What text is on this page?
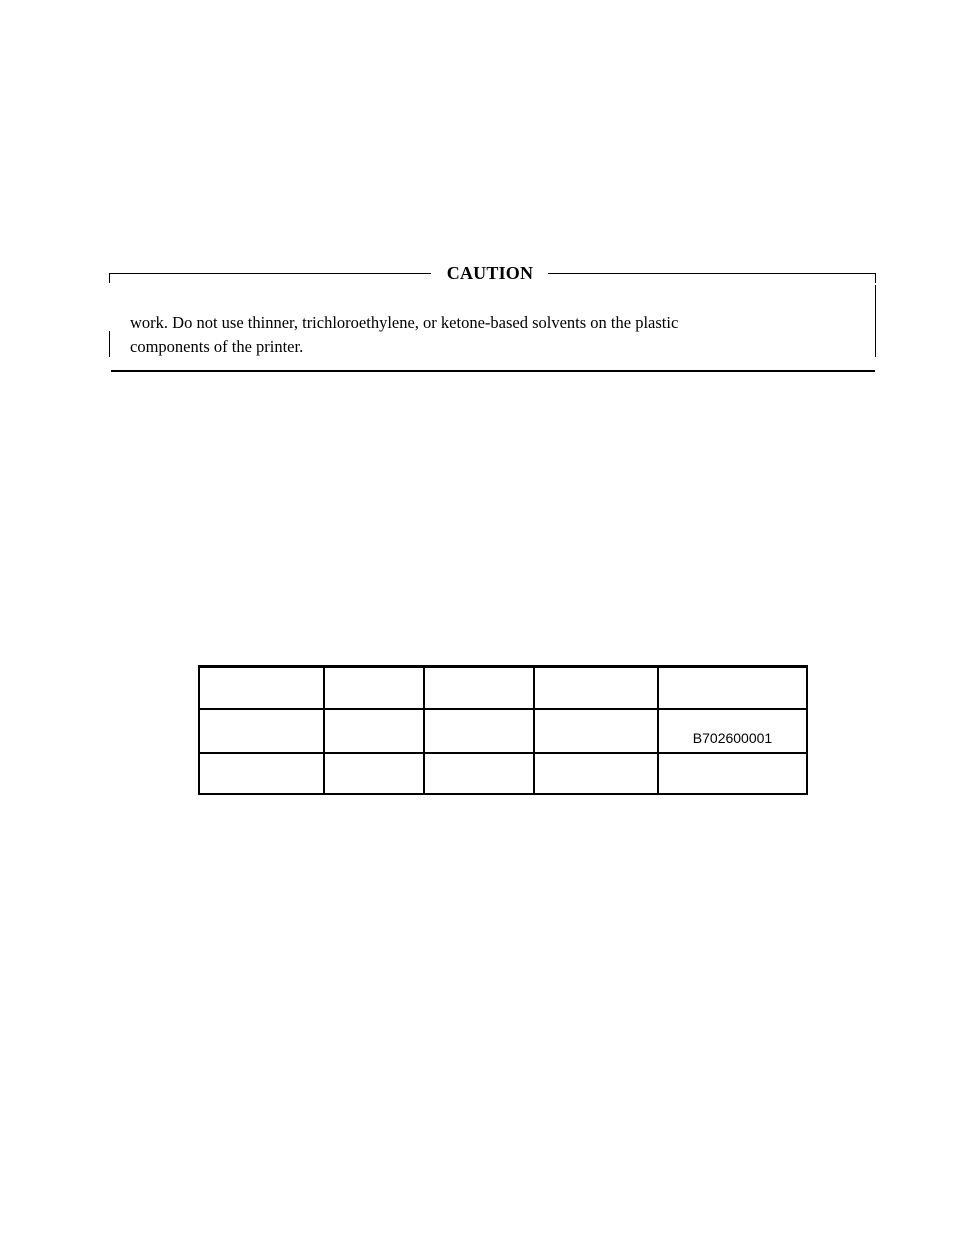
CAUTION

work. Do not use thinner, trichloroethylene, or ketone-based solvents on the plastic

components of the printer.

				B702600001
